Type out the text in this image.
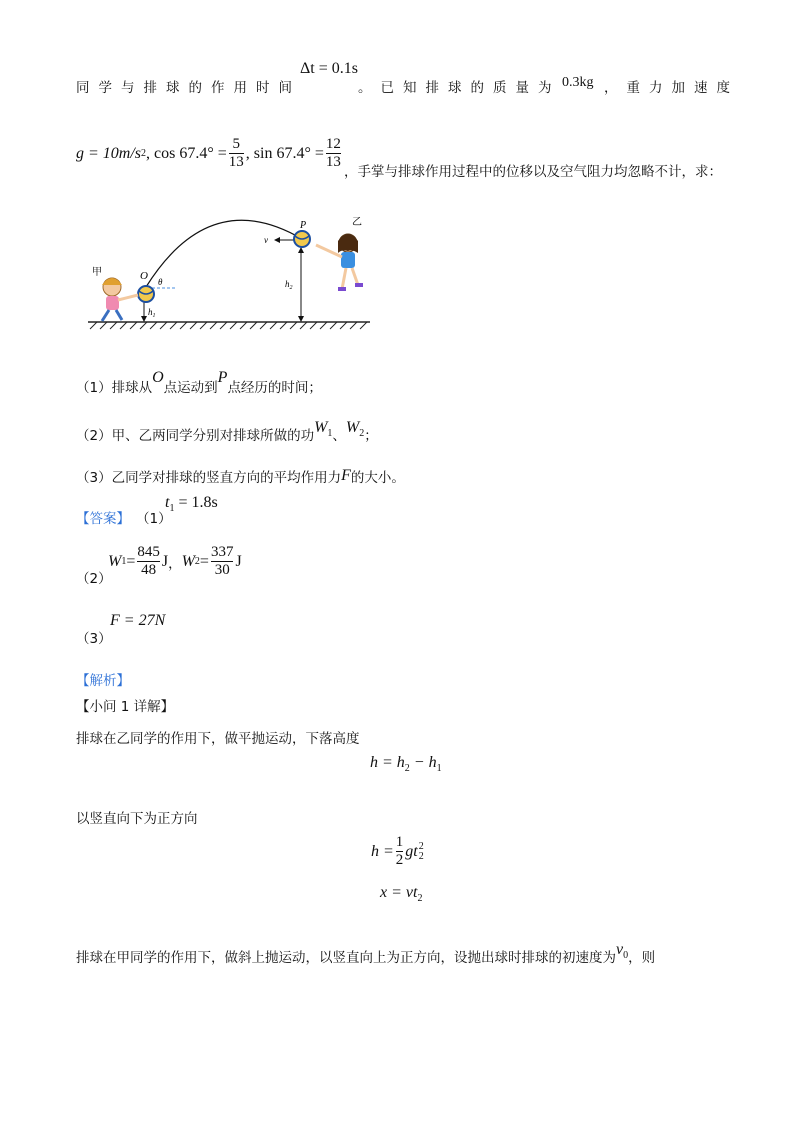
同学与排球的作用时间
Δt = 0.1s
。已知排球的质量为 0.3kg ，重力加速度
g = 10m/s 2 , $\cos 67.4^\circ = \frac{5}{13}$ , $\sin 67.4^\circ = \frac{12}{13}$
，手掌与排球作用过程中的位移以及空气阻力均忽略不计，求：
$h_1$
$h_2$
v
O θ
P
甲
乙
（1）排球从O点运动到P点经历的时间；
（2）甲、乙两同学分别对排球所做的功$W_1$、$W_2$；
（3）乙同学对排球的竖直方向的平均作用力F的大小。
【答案】 （1）
$t_1 = 1.8s$
（2）
W $1 = \frac{845}{48}$ J ， W $2 = \frac{337}{30}$ J
（3）
F = 27N
【解析】
【小问 1 详解】
排球在乙同学的作用下，做平抛运动，下落高度
$h = h_2 - h_1$
以竖直向下为正方向
$h = \frac{1}{2}$ gt 2
2
$x = vt_2$
排球在甲同学的作用下，做斜上抛运动，以竖直向上为正方向，设抛出球时排球的初速度为$v_0$，则
